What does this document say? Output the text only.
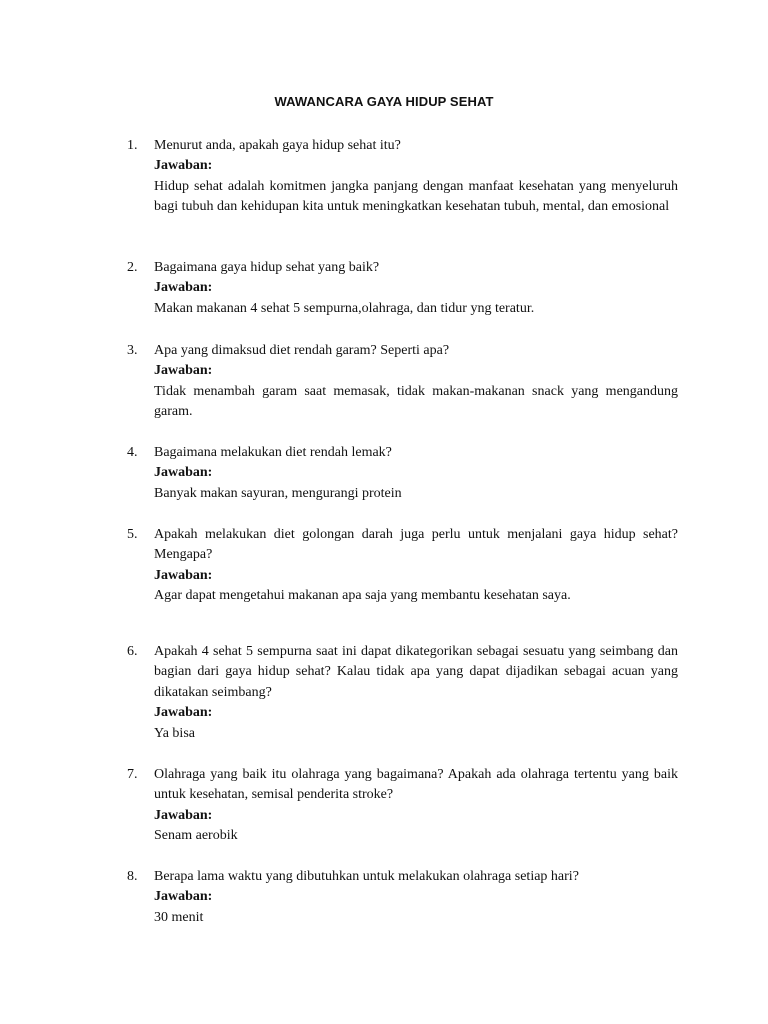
WAWANCARA GAYA HIDUP SEHAT
1. Menurut anda, apakah gaya hidup sehat itu?
Jawaban:
Hidup sehat adalah komitmen jangka panjang dengan manfaat kesehatan yang menyeluruh bagi tubuh dan kehidupan kita untuk meningkatkan kesehatan tubuh, mental, dan emosional
2. Bagaimana gaya hidup sehat yang baik?
Jawaban:
Makan makanan 4 sehat 5 sempurna,olahraga, dan tidur yng teratur.
3. Apa yang dimaksud diet rendah garam? Seperti apa?
Jawaban:
Tidak menambah garam saat memasak, tidak makan-makanan snack yang mengandung garam.
4. Bagaimana melakukan diet rendah lemak?
Jawaban:
Banyak makan sayuran, mengurangi protein
5. Apakah melakukan diet golongan darah juga perlu untuk menjalani gaya hidup sehat? Mengapa?
Jawaban:
Agar dapat mengetahui makanan apa saja yang membantu kesehatan saya.
6. Apakah 4 sehat 5 sempurna saat ini dapat dikategorikan sebagai sesuatu yang seimbang dan bagian dari gaya hidup sehat? Kalau tidak apa yang dapat dijadikan sebagai acuan yang dikatakan seimbang?
Jawaban:
Ya bisa
7. Olahraga yang baik itu olahraga yang bagaimana? Apakah ada olahraga tertentu yang baik untuk kesehatan, semisal penderita stroke?
Jawaban:
Senam aerobik
8. Berapa lama waktu yang dibutuhkan untuk melakukan olahraga setiap hari?
Jawaban:
30 menit
